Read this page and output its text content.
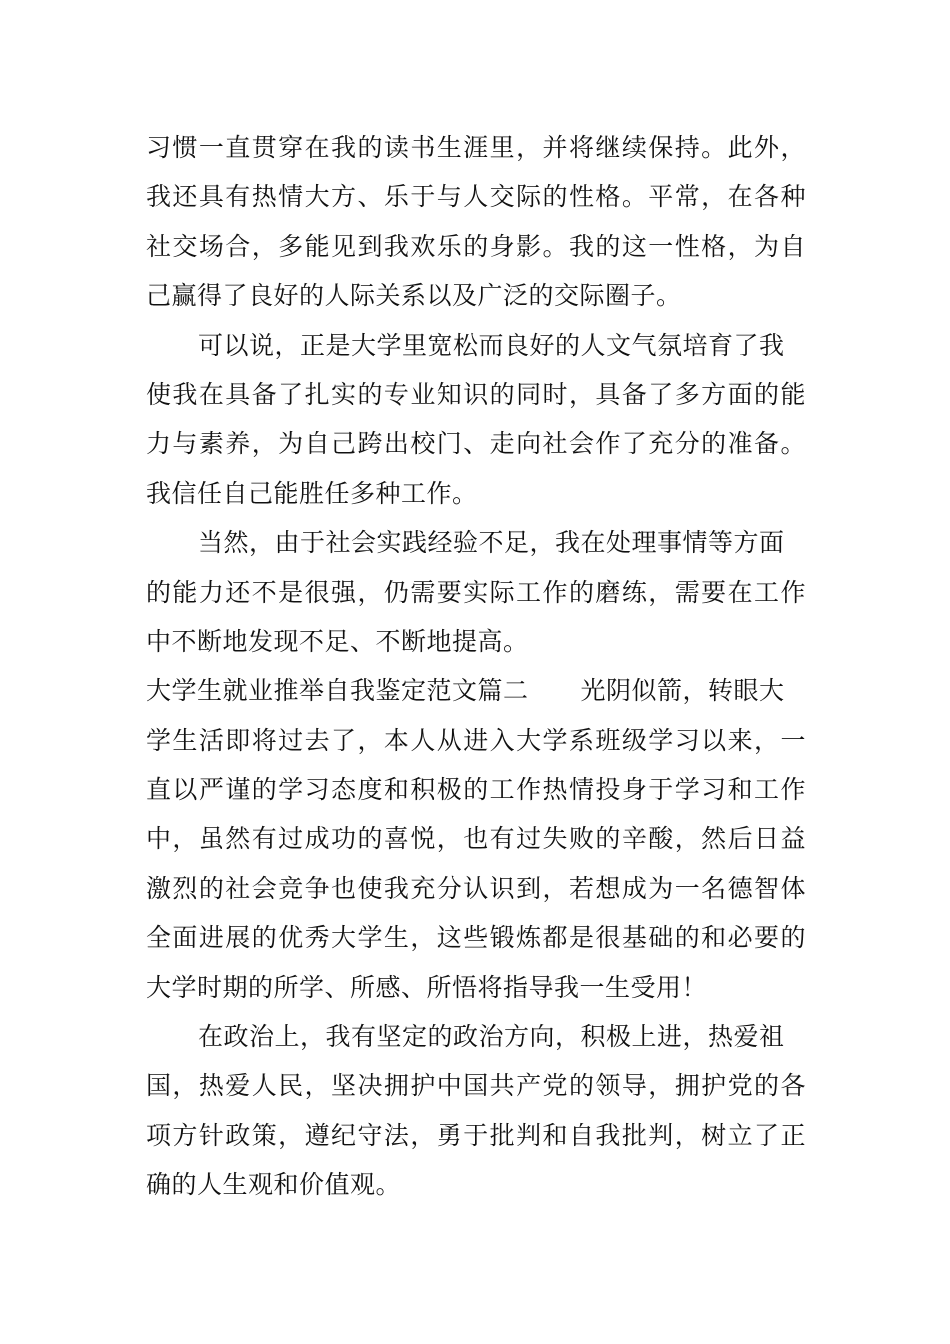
习惯一直贯穿在我的读书生涯里，并将继续保持。此外，
我还具有热情大方、乐于与人交际的性格。平常，在各种
社交场合，多能见到我欢乐的身影。我的这一性格，为自
己赢得了良好的人际关系以及广泛的交际圈子。
可以说，正是大学里宽松而良好的人文气氛培育了我
使我在具备了扎实的专业知识的同时，具备了多方面的能
力与素养，为自己跨出校门、走向社会作了充分的准备。
我信任自己能胜任多种工作。
当然，由于社会实践经验不足，我在处理事情等方面
的能力还不是很强，仍需要实际工作的磨练，需要在工作
中不断地发现不足、不断地提高。
大学生就业推举自我鉴定范文篇二 光阴似箭，转眼大
学生活即将过去了，本人从进入大学系班级学习以来，一
直以严谨的学习态度和积极的工作热情投身于学习和工作
中，虽然有过成功的喜悦，也有过失败的辛酸，然后日益
激烈的社会竞争也使我充分认识到，若想成为一名德智体
全面进展的优秀大学生，这些锻炼都是很基础的和必要的
大学时期的所学、所感、所悟将指导我一生受用！
在政治上，我有坚定的政治方向，积极上进，热爱祖
国，热爱人民，坚决拥护中国共产党的领导，拥护党的各
项方针政策，遵纪守法，勇于批判和自我批判，树立了正
确的人生观和价值观。
